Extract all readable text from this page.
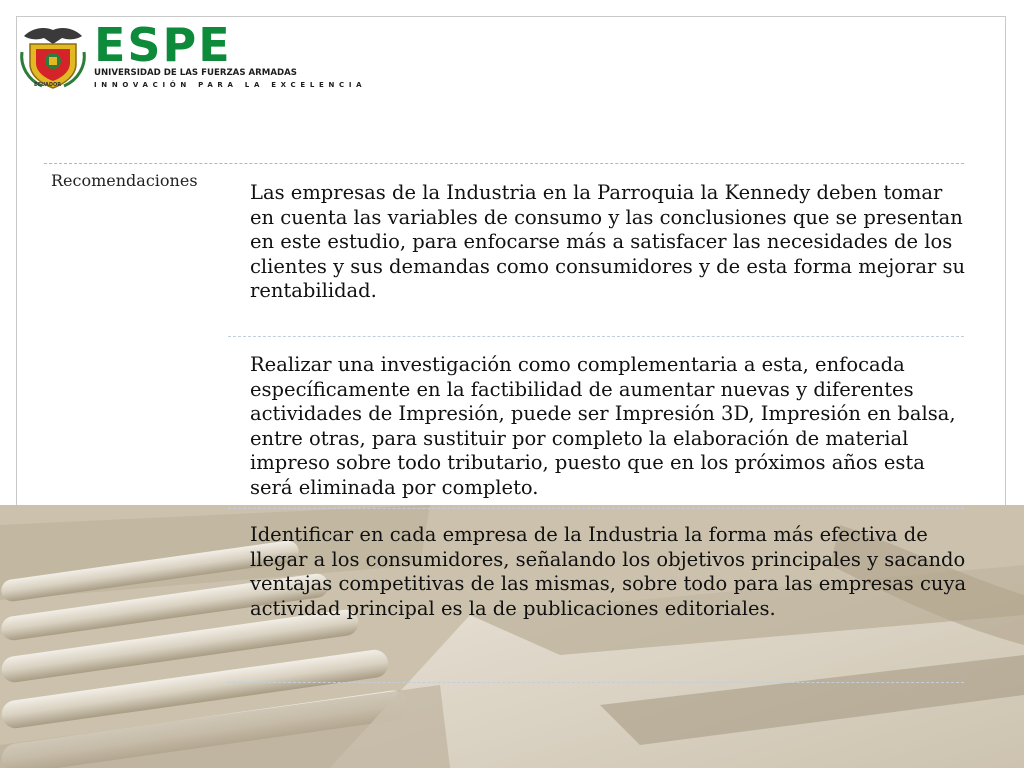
ECUADOR
ESPE
UNIVERSIDAD DE LAS FUERZAS ARMADAS
INNOVACIÓN PARA LA EXCELENCIA
Recomendaciones
Las empresas de la Industria en la Parroquia la Kennedy deben tomar en cuenta las variables de consumo y las conclusiones que se presentan en este estudio, para enfocarse más a satisfacer las necesidades de los clientes y sus demandas como consumidores y de esta forma mejorar su rentabilidad.
Realizar una investigación como complementaria a esta, enfocada específicamente en la factibilidad de aumentar nuevas y diferentes actividades de Impresión, puede ser Impresión 3D, Impresión en balsa, entre otras, para sustituir por completo la elaboración de material impreso sobre todo tributario, puesto que en los próximos años esta será eliminada por completo.
Identificar en cada empresa de la Industria la forma más efectiva de llegar a los consumidores, señalando los objetivos principales y sacando ventajas competitivas de las mismas, sobre todo para las empresas cuya actividad principal es la de publicaciones editoriales.
